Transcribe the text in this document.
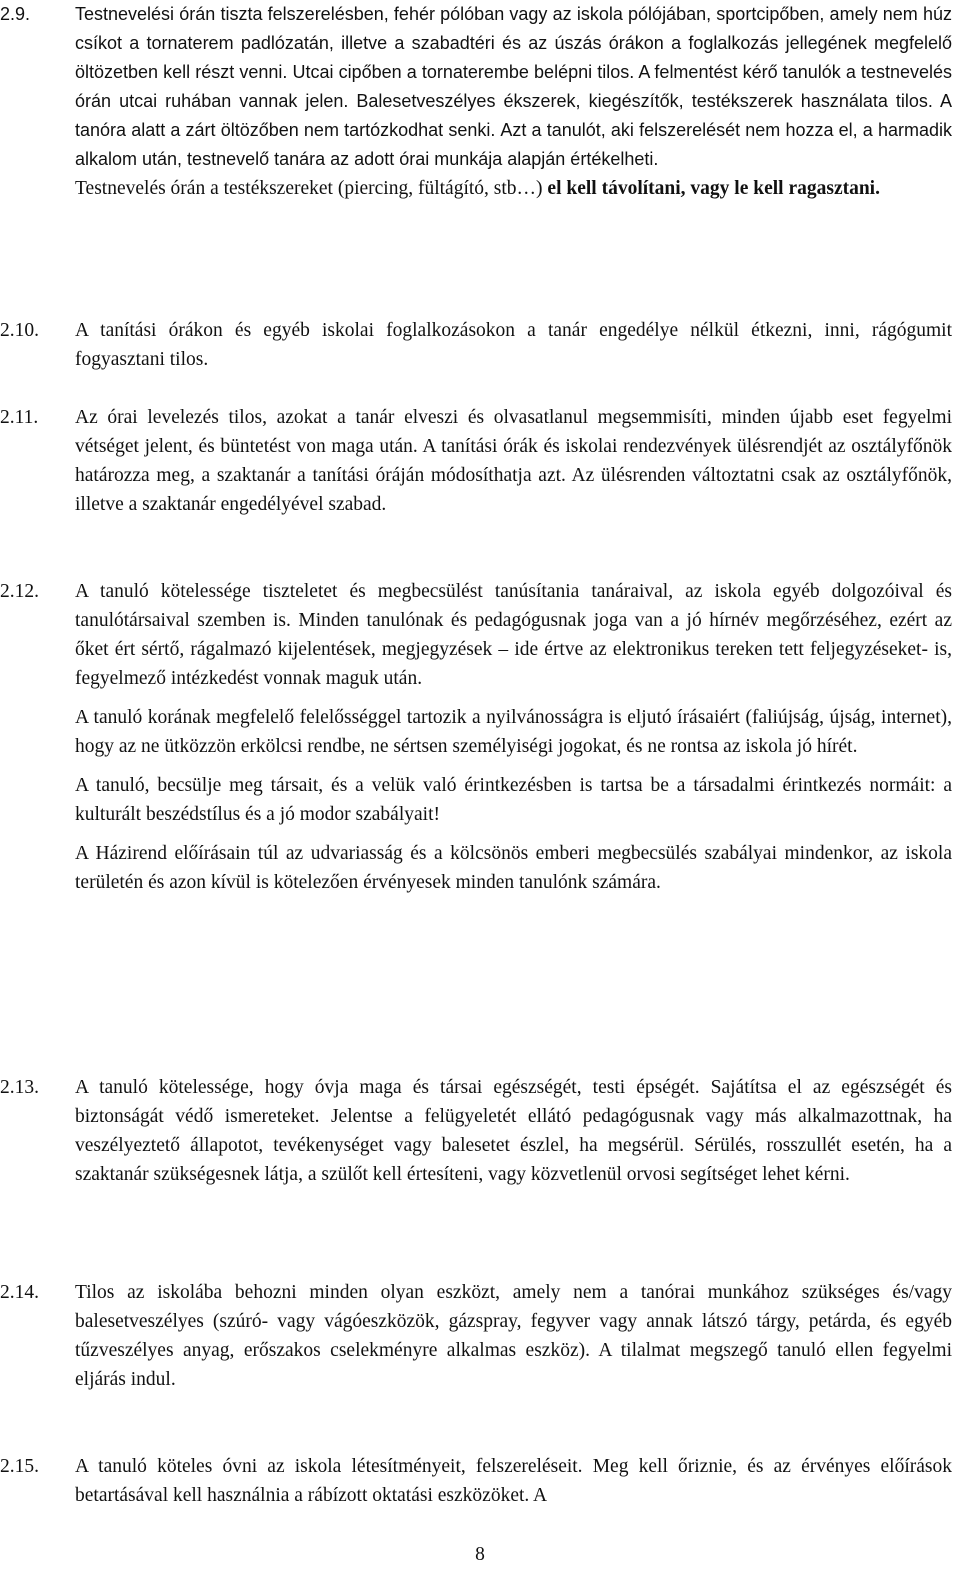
2.9.	Testnevelési órán tiszta felszerelésben, fehér pólóban vagy az iskola pólójában, sportcipőben, amely nem húz csíkot a tornaterem padlózatán, illetve a szabadtéri és az úszás órákon a foglalkozás jellegének megfelelő öltözetben kell részt venni. Utcai cipőben a tornaterembe belépni tilos. A felmentést kérő tanulók a testnevelés órán utcai ruhában vannak jelen. Balesetveszélyes ékszerek, kiegészítők, testékszerek használata tilos. A tanóra alatt a zárt öltözőben nem tartózkodhat senki. Azt a tanulót, aki felszerelését nem hozza el, a harmadik alkalom után, testnevelő tanára az adott órai munkája alapján értékelheti.

Testnevelés órán a testékszereket (piercing, fültágító, stb…) el kell távolítani, vagy le kell ragasztani.

2.10.	A tanítási órákon és egyéb iskolai foglalkozásokon a tanár engedélye nélkül étkezni, inni, rágógumit fogyasztani tilos.

2.11.	Az órai levelezés tilos, azokat a tanár elveszi és olvasatlanul megsemmisíti, minden újabb eset fegyelmi vétséget jelent, és büntetést von maga után. A tanítási órák és iskolai rendezvények ülésrendjét az osztályfőnök határozza meg, a szaktanár a tanítási óráján módosíthatja azt. Az ülésrenden változtatni csak az osztályfőnök, illetve a szaktanár engedélyével szabad.

2.12.	A tanuló kötelessége tiszteletet és megbecsülést tanúsítania tanáraival, az iskola egyéb dolgozóival és tanulótársaival szemben is. Minden tanulónak és pedagógusnak joga van a jó hírnév megőrzéséhez, ezért az őket ért sértő, rágalmazó kijelentések, megjegyzések – ide értve az elektronikus tereken tett feljegyzéseket- is, fegyelmező intézkedést vonnak maguk után.

A tanuló korának megfelelő felelősséggel tartozik a nyilvánosságra is eljutó írásaiért (faliújság, újság, internet), hogy az ne ütközzön erkölcsi rendbe, ne sértsen személyiségi jogokat, és ne rontsa az iskola jó hírét.

A tanuló, becsülje meg társait, és a velük való érintkezésben is tartsa be a társadalmi érintkezés normáit: a kulturált beszédstílus és a jó modor szabályait!

A Házirend előírásain túl az udvariasság és a kölcsönös emberi megbecsülés szabályai mindenkor, az iskola területén és azon kívül is kötelezően érvényesek minden tanulónk számára.

2.13.	A tanuló kötelessége, hogy óvja maga és társai egészségét, testi épségét. Sajátítsa el az egészségét és biztonságát védő ismereteket. Jelentse a felügyeletét ellátó pedagógusnak vagy más alkalmazottnak, ha veszélyeztető állapotot, tevékenységet vagy balesetet észlel, ha megsérül. Sérülés, rosszullét esetén, ha a szaktanár szükségesnek látja, a szülőt kell értesíteni, vagy közvetlenül orvosi segítséget lehet kérni.

2.14.	Tilos az iskolába behozni minden olyan eszközt, amely nem a tanórai munkához szükséges és/vagy balesetveszélyes (szúró- vagy vágóeszközök, gázspray, fegyver vagy annak látszó tárgy, petárda, és egyéb tűzveszélyes anyag, erőszakos cselekményre alkalmas eszköz). A tilalmat megszegő tanuló ellen fegyelmi eljárás indul.

2.15.	A tanuló köteles óvni az iskola létesítményeit, felszereléseit. Meg kell őriznie, és az érvényes előírások betartásával kell használnia a rábízott oktatási eszközöket. A

8
